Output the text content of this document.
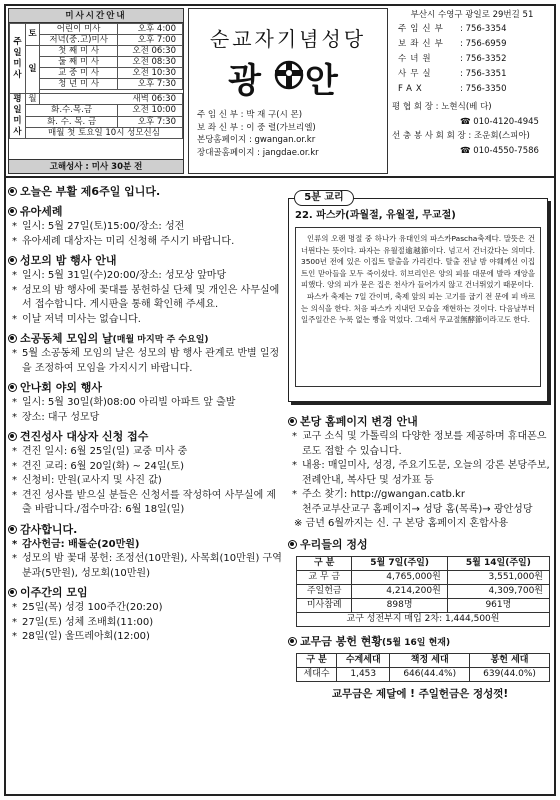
미사시간안내
주일미사	토	어린이 미사	오후 4:00
		저녁(중.고)미사	오후 7:00
	일	첫 째 미 사	오전 06:30
		둘 째 미 사	오전 08:30
		교 중 미 사	오전 10:30
		청 년 미 사	오후 7:30

평일미사	월	새벽 06:30	
	화.수.목.금		오전 10:00
	화. 수. 목. 금		오후 7:30
	매월 첫 토요일 10시 성모신심		
고해성사 : 미사 30분 전
순교자기념성당
광 안
주 임 신 부 : 박 재 구(시 몬)
보 좌 신 부 : 이 중 렬(가브리엘)
본당홈페이지 : gwangan.or.kr
장대골홈페이지 : jangdae.or.kr
부산시 수영구 광일로 29번길 51
주임신부	: 756-3354
보좌신부	: 756-6959
수녀원	: 756-3352
사무실	: 756-3351
FAX	: 756-3350
평 협 회 장 : 노현식(베 다)
☎ 010-4120-4945
선 충 봉 사 회 회 장 : 조운회(스피아)
☎ 010-4550-7586
오늘은 부활 제6주일 입니다.
유아세례
* 일시: 5월 27일(토)15:00/장소: 성전
* 유아세례 대상자는 미리 신청해 주시기 바랍니다.
성모의 밤 행사 안내
* 일시: 5월 31일(수)20:00/장소: 성모상 앞마당
* 성모의 밤 행사에 꽃대를 봉헌하실 단체 및 개인은 사무실에서 접수합니다. 게시판을 통해 확인해 주세요.
* 이날 저녁 미사는 없습니다.
소공동체 모임의 날(매월 마지막 주 수요일)
* 5월 소공동체 모임의 날은 성모의 밤 행사 관계로 반별 일정을 조정하여 모임을 가지시기 바랍니다.
안나회 야외 행사
* 일시: 5월 30일(화)08:00 아리빌 아파트 앞 출발
* 장소: 대구 성모당
견진성사 대상자 신청 접수
* 견진 일시: 6월 25일(일) 교중 미사 중
* 견진 교리: 6월 20일(화) ~ 24일(토)
* 신청비: 만원(교사지 및 사진 값)
* 견진 성사를 받으실 분들은 신청서를 작성하여 사무실에 제출 바랍니다./접수마감: 6월 18일(일)
감사합니다.
* 감사헌금: 배돌순(20만원)
* 성모의 밤 꽃대 봉헌: 조정선(10만원), 사목회(10만원) 구역분과(5만원), 성모회(10만원)
이주간의 모임
* 25일(목) 성경 100주간(20:20)
* 27일(토) 성체 조배회(11:00)
* 28일(일) 울뜨레아회(12:00)
5분 교리
22. 파스카(과월절, 유월절, 무교절)

인류의 오랜 명절 중 하나가 유대인의 파스카Pascha축제다. 말뜻은 건너뛴다는 뜻이다. 파자는 유월절逾越節이다. 넘고서 건너갔다는 의미다. 3500년 전에 있은 이집트 탈출을 가리킨다. 탈출 전날 밤 야훼께선 이집트인 맏아들을 모두 죽이셨다. 히브리인은 양의 피를 대문에 발라 재앙을 피했다. 양의 피가 묻은 집은 천사가 들어가지 않고 건너뛰었기 때문이다.

파스카 축제는 7일 간이며, 축제 앞의 피는 고기를 굽기 전 문에 피 바르는 의식을 한다. 처음 파스카 지내던 모습을 재현하는 것이다. 다음날부터 일주일간은 누룩 없는 빵을 먹었다. 그래서 무교절無酵節이라고도 한다.

본당 홈페이지 변경 안내
* 교구 소식 및 가톨릭의 다양한 정보를 제공하며 휴대폰으로도 접할 수 있습니다.
* 내용: 매일미사, 성경, 주요기도문, 오늘의 강론 본당주보, 전례안내, 복사단 및 성가표 등
* 주소 찾기: http://gwangan.catb.kr
천주교부산교구 홈페이지→ 성당 홈(목록)→ 광안성당
※ 금년 6월까지는 신. 구 본당 홈페이지 혼합사용
우리들의 정성
구 분	5월 7일(주일)	5월 14일(주일)
교 무 금	4,765,000원	3,551,000원
주일헌금	4,214,200원	4,309,700원
미사참례	898명	961명
교구 성전부지 매입 2차: 1,444,500원		
교무금 봉헌 현황(5월 16일 현재)
구 분	수계세대	책정 세대	봉헌 세대
세대수	1,453	646(44.4%)	639(44.0%)
교무금은 제달에 ! 주일헌금은 정성껏!
